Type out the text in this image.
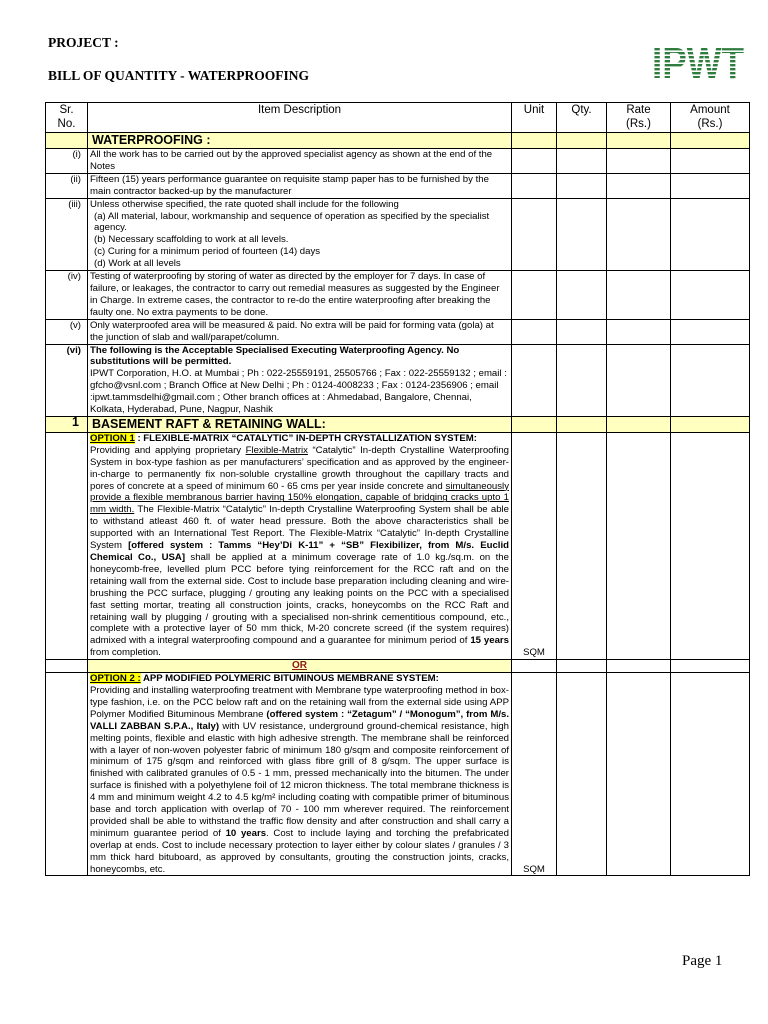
PROJECT :
BILL OF QUANTITY - WATERPROOFING	IPWT
Sr. No.	Item Description	Unit	Qty.	Rate (Rs.)	Amount (Rs.)
	WATERPROOFING :				
(i)	All the work has to be carried out by the approved specialist agency as shown at the end of the Notes				
(ii)	Fifteen (15) years performance guarantee on requisite stamp paper has to be furnished by the main contractor backed-up by the manufacturer				
(iii)	Unless otherwise specified, the rate quoted shall include for the following
(a) All material, labour, workmanship and sequence of operation as specified by the specialist agency.
(b) Necessary scaffolding to work at all levels.
(c) Curing for a minimum period of fourteen (14) days
(d) Work at all levels				

(iv)	Testing of waterproofing by storing of water as directed by the employer for 7 days. In case of failure, or leakages, the contractor to carry out remedial measures as suggested by the Engineer in Charge. In extreme cases, the contractor to re-do the entire waterproofing after breaking the faulty one. No extra payments to be done.				
(v)	Only waterproofed area will be measured & paid. No extra will be paid for forming vata (gola) at the junction of slab and wall/parapet/column.				
(vi)	The following is the Acceptable Specialised Executing Waterproofing Agency. No substitutions will be permitted.
IPWT Corporation, H.O. at Mumbai ; Ph : 022-25559191, 25505766 ; Fax : 022-25559132 ; email : gfcho@vsnl.com ; Branch Office at New Delhi ; Ph : 0124-4008233 ; Fax : 0124-2356906 ; email :ipwt.tammsdelhi@gmail.com ; Other branch offices at : Ahmedabad, Bangalore, Chennai, Kolkata, Hyderabad, Pune, Nagpur, Nashik				

1	BASEMENT RAFT & RETAINING WALL:				
	OPTION 1 : FLEXIBLE-MATRIX “CATALYTIC” IN-DEPTH CRYSTALLIZATION SYSTEM:
Providing and applying proprietary Flexible-Matrix “Catalytic” In-depth Crystalline Waterproofing System in box-type fashion as per manufacturers’ specification and as approved by the engineer-in-charge to permanently fix non-soluble crystalline growth throughout the capillary tracts and pores of concrete at a speed of minimum 60 - 65 cms per year inside concrete and simultaneously provide a flexible membranous barrier having 150% elongation, capable of bridging cracks upto 1 mm width. The Flexible-Matrix “Catalytic” In-depth Crystalline Waterproofing System shall be able to withstand atleast 460 ft. of water head pressure. Both the above characteristics shall be supported with an International Test Report. The Flexible-Matrix “Catalytic” In-depth Crystalline System [offered system : Tamms “Hey’Di K-11” + “SB” Flexibilizer, from M/s. Euclid Chemical Co., USA] shall be applied at a minimum coverage rate of 1.0 kg./sq.m. on the honeycomb-free, levelled plum PCC before tying reinforcement for the RCC raft and on the retaining wall from the external side. Cost to include base preparation including cleaning and wire-brushing the PCC surface, plugging / grouting any leaking points on the PCC with a specialised fast setting mortar, treating all construction joints, cracks, honeycombs on the RCC Raft and retaining wall by plugging / grouting with a specialised non-shrink cementitious compound, etc., complete with a protective layer of 50 mm thick, M-20 concrete screed (if the system requires) admixed with a integral waterproofing compound and a guarantee for minimum period of 15 years from completion.	SQM			
	OR				
	OPTION 2 : APP MODIFIED POLYMERIC BITUMINOUS MEMBRANE SYSTEM:
Providing and installing waterproofing treatment with Membrane type waterproofing method in box-type fashion, i.e. on the PCC below raft and on the retaining wall from the external side using APP Polymer Modified Bituminous Membrane (offered system : “Zetagum” / “Monogum”, from M/s. VALLI ZABBAN S.P.A., Italy) with UV resistance, underground ground-chemical resistance, high melting points, flexible and elastic with high adhesive strength. The membrane shall be reinforced with a layer of non-woven polyester fabric of minimum 180 g/sqm and composite reinforcement of minimum of 175 g/sqm and reinforced with glass fibre grill of 8 g/sqm. The upper surface is finished with calibrated granules of 0.5 - 1 mm, pressed mechanically into the bitumen. The under surface is finished with a polyethylene foil of 12 micron thickness. The total membrane thickness is 4 mm and minimum weight 4.2 to 4.5 kg/m² including coating with compatible primer of bituminous base and torch application with overlap of 70 - 100 mm wherever required. The reinforcement provided shall be able to withstand the traffic flow density and after construction and shall carry a minimum guarantee period of 10 years. Cost to include laying and torching the prefabricated overlap at ends. Cost to include necessary protection to layer either by colour slates / granules / 3 mm thick hard bituboard, as approved by consultants, grouting the construction joints, cracks, honeycombs, etc.	SQM			
Page 1
